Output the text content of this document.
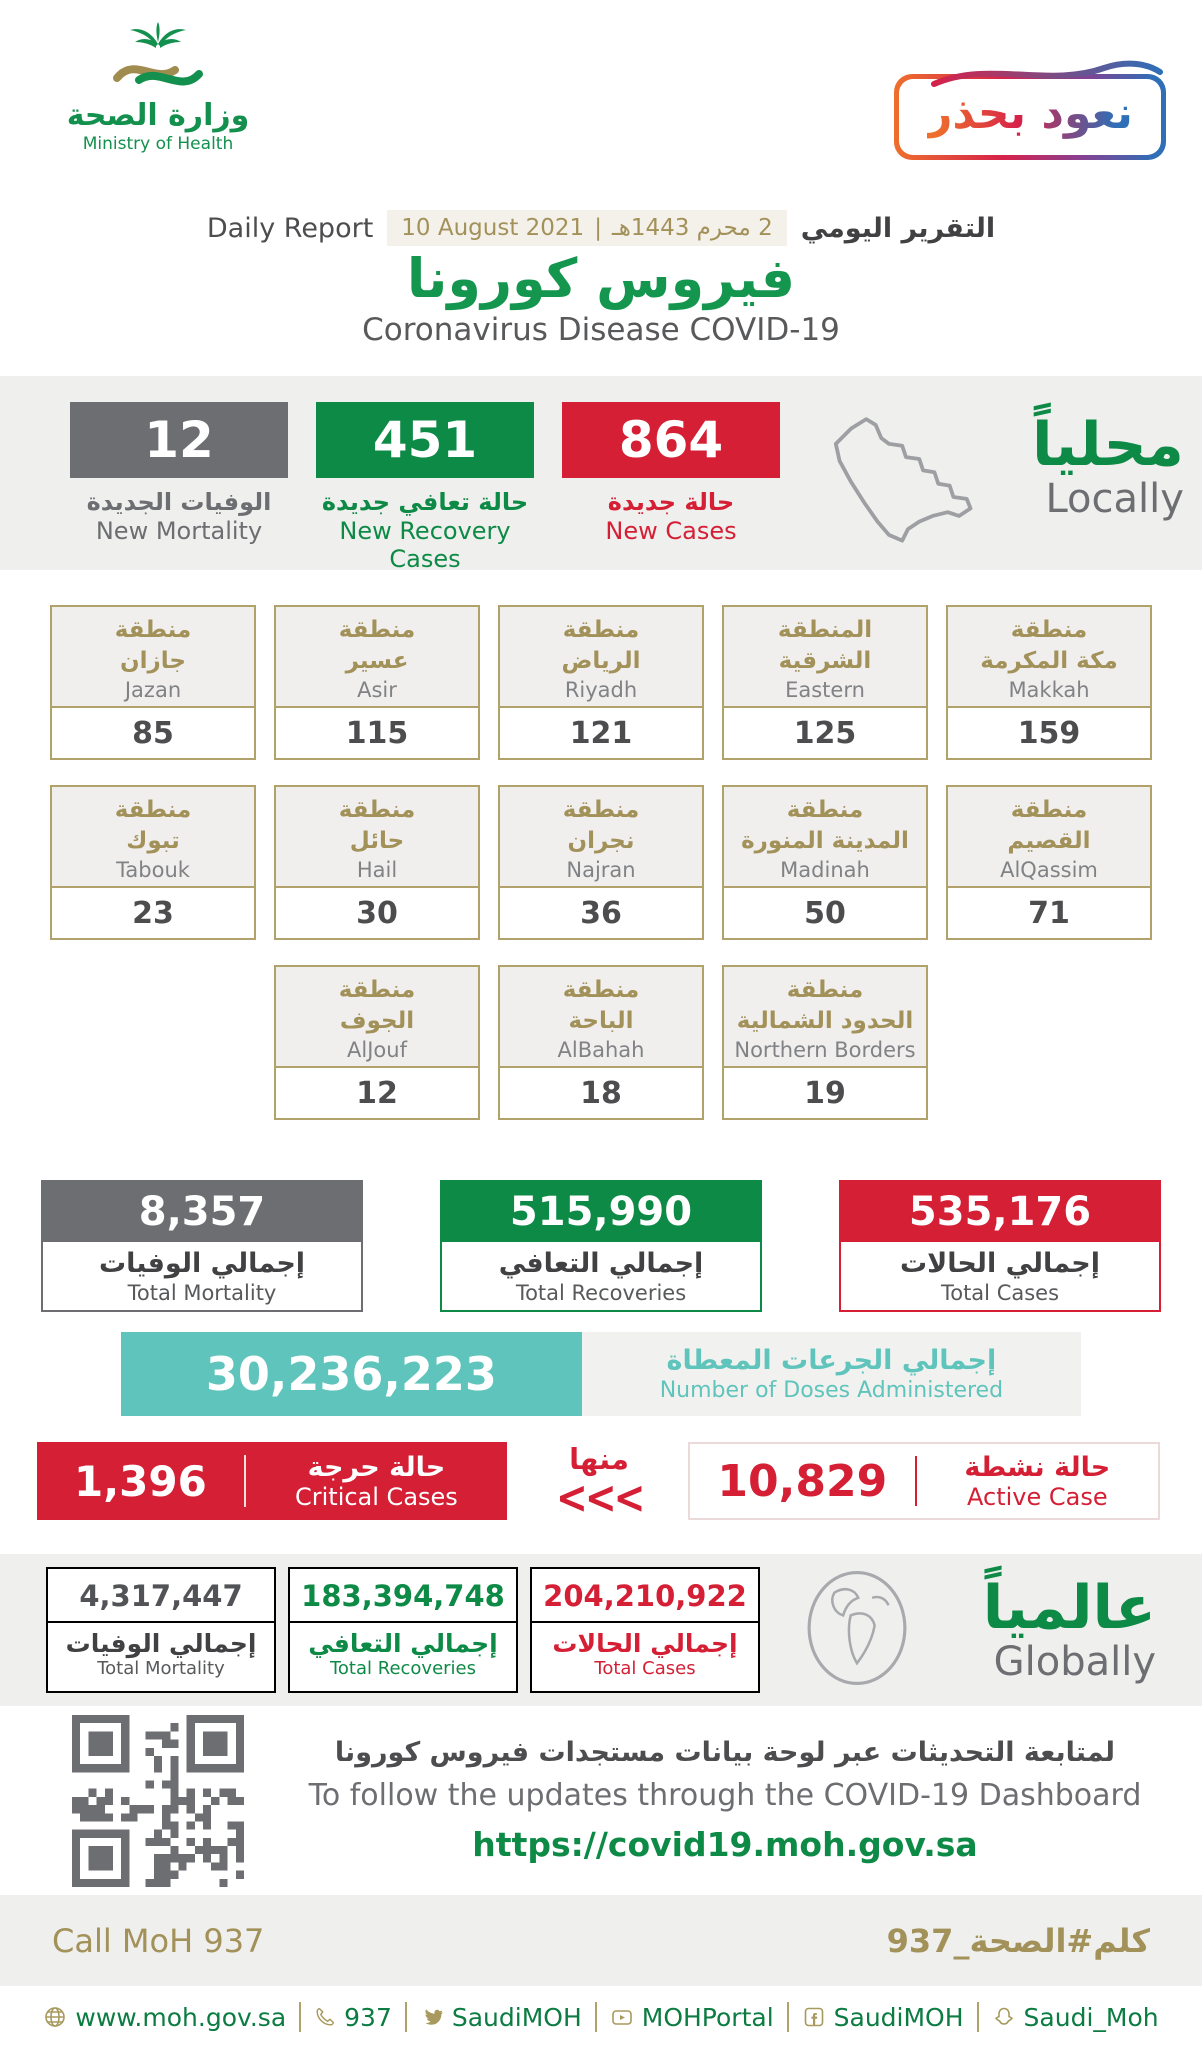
وزارة الصحة
Ministry of Health
نعود بحذر
Daily Report 10 August 2021 | 2 محرم 1443هـ التقرير اليومي
فيروس كورونا
Coronavirus Disease COVID-19
12
الوفيات الجديدة
New Mortality
451
حالة تعافي جديدة
New Recovery Cases
864
حالة جديدة
New Cases
محلياً
Locally
منطقة
جازان
Jazan
85
منطقة
عسير
Asir
115
منطقة
الرياض
Riyadh
121
المنطقة
الشرقية
Eastern
125
منطقة
مكة المكرمة
Makkah
159
منطقة
تبوك
Tabouk
23
منطقة
حائل
Hail
30
منطقة
نجران
Najran
36
منطقة
المدينة المنورة
Madinah
50
منطقة
القصيم
AlQassim
71
منطقة
الجوف
AlJouf
12
منطقة
الباحة
AlBahah
18
منطقة
الحدود الشمالية
Northern Borders
19
8,357
إجمالي الوفيات
Total Mortality
515,990
إجمالي التعافي
Total Recoveries
535,176
إجمالي الحالات
Total Cases
30,236,223	إجمالي الجرعات المعطاة
Number of Doses Administered
1,396	حالة حرجة
Critical Cases
منها
<<<	10,829	حالة نشطة
Active Case
4,317,447
إجمالي الوفيات
Total Mortality
183,394,748
إجمالي التعافي
Total Recoveries
204,210,922
إجمالي الحالات
Total Cases
عالمياً
Globally
لمتابعة التحديثات عبر لوحة بيانات مستجدات فيروس كورونا
To follow the updates through the COVID-19 Dashboard
https://covid19.moh.gov.sa
Call MoH 937	كلم#الصحة_937
www.moh.gov.sa 937 SaudiMOH MOHPortal SaudiMOH Saudi_Moh
